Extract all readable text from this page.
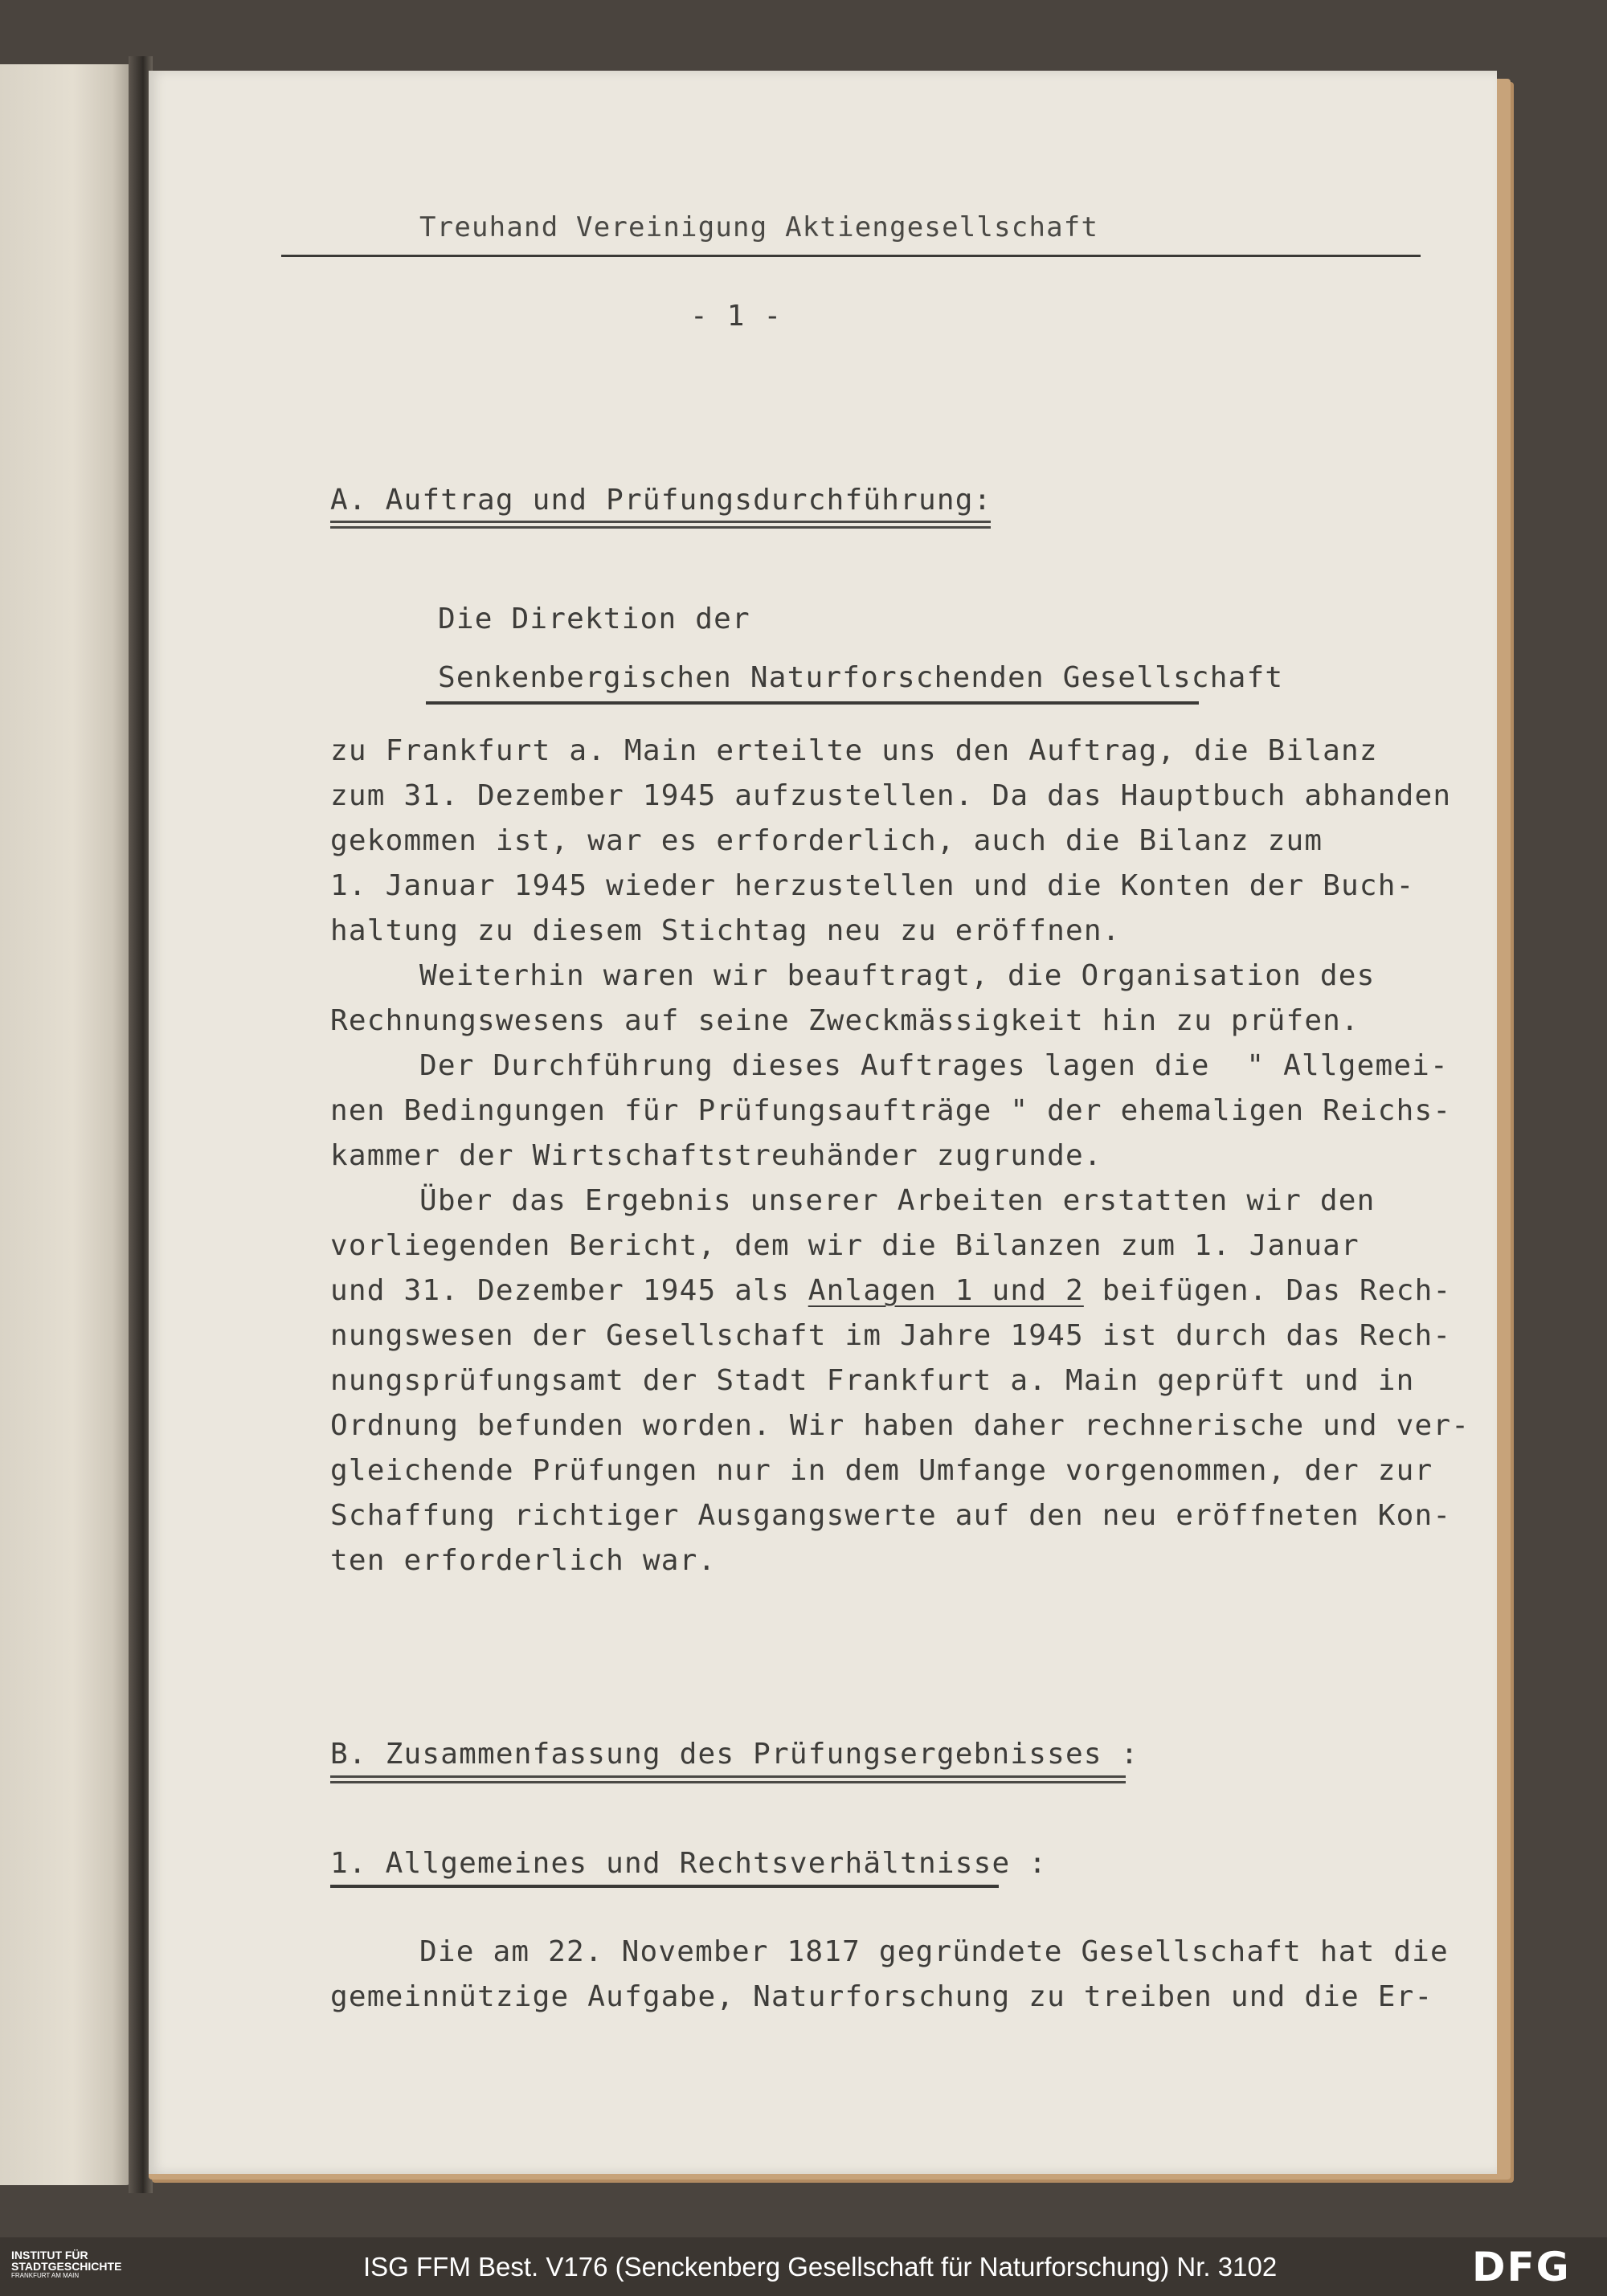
Treuhand Vereinigung Aktiengesellschaft
- 1 -
A. Auftrag und Prüfungsdurchführung:
Die Direktion der
Senkenbergischen Naturforschenden Gesellschaft
zu Frankfurt a. Main erteilte uns den Auftrag, die Bilanz
zum 31. Dezember 1945 aufzustellen. Da das Hauptbuch abhanden
gekommen ist, war es erforderlich, auch die Bilanz zum
1. Januar 1945 wieder herzustellen und die Konten der Buch-
haltung zu diesem Stichtag neu zu eröffnen.
Weiterhin waren wir beauftragt, die Organisation des
Rechnungswesens auf seine Zweckmässigkeit hin zu prüfen.
Der Durchführung dieses Auftrages lagen die  " Allgemei-
nen Bedingungen für Prüfungsaufträge " der ehemaligen Reichs-
kammer der Wirtschaftstreuhänder zugrunde.
Über das Ergebnis unserer Arbeiten erstatten wir den
vorliegenden Bericht, dem wir die Bilanzen zum 1. Januar
und 31. Dezember 1945 als Anlagen 1 und 2 beifügen. Das Rech-
nungswesen der Gesellschaft im Jahre 1945 ist durch das Rech-
nungsprüfungsamt der Stadt Frankfurt a. Main geprüft und in
Ordnung befunden worden. Wir haben daher rechnerische und ver-
gleichende Prüfungen nur in dem Umfange vorgenommen, der zur
Schaffung richtiger Ausgangswerte auf den neu eröffneten Kon-
ten erforderlich war.
B. Zusammenfassung des Prüfungsergebnisses :
1. Allgemeines und Rechtsverhältnisse :
Die am 22. November 1817 gegründete Gesellschaft hat die
gemeinnützige Aufgabe, Naturforschung zu treiben und die Er-
INSTITUT FÜR
STADTGESCHICHTE
FRANKFURT AM MAIN	ISG FFM Best. V176 (Senckenberg Gesellschaft für Naturforschung) Nr. 3102	DFG
